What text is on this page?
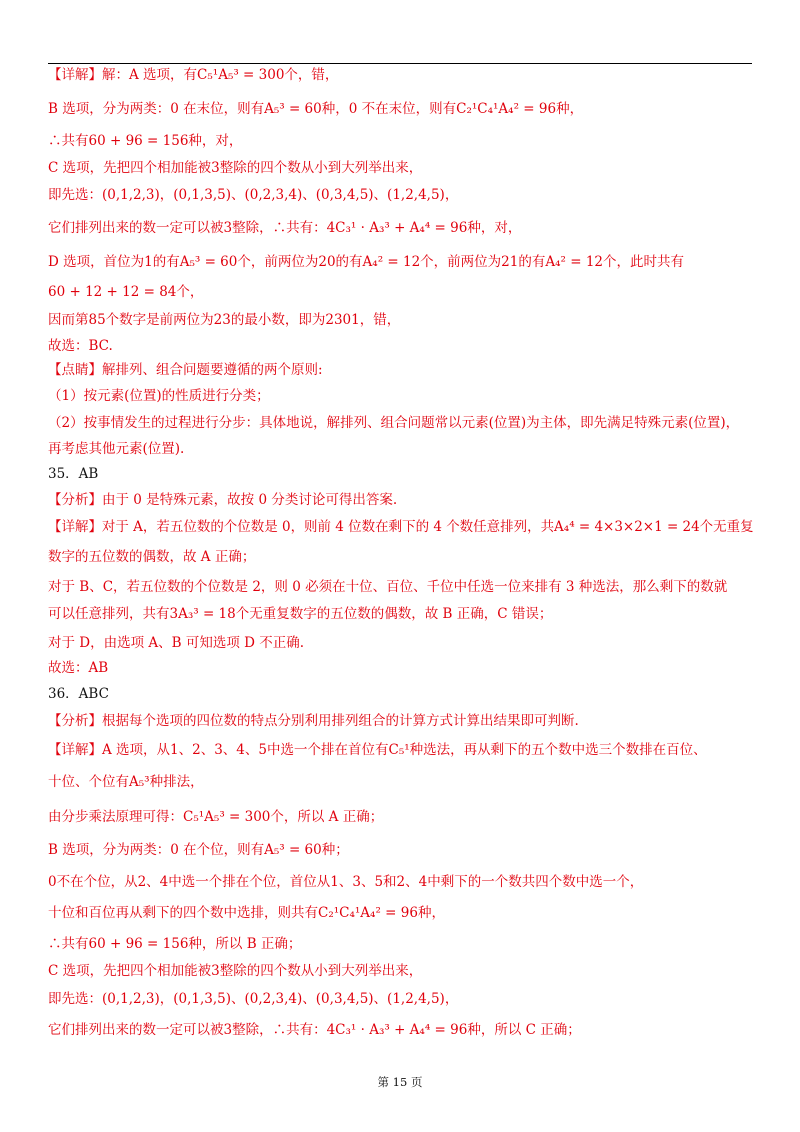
【详解】解：A 选项，有C₅¹A₅³ = 300个，错，
B 选项，分为两类：0 在末位，则有A₅³ = 60种，0 不在末位，则有C₂¹C₄¹A₄² = 96种，
∴共有60 + 96 = 156种，对，
C 选项，先把四个相加能被3整除的四个数从小到大列举出来，
即先选：(0,1,2,3)，(0,1,3,5)、(0,2,3,4)、(0,3,4,5)、(1,2,4,5)，
它们排列出来的数一定可以被3整除，∴共有：4C₃¹ · A₃³ + A₄⁴ = 96种，对，
D 选项，首位为1的有A₅³ = 60个，前两位为20的有A₄² = 12个，前两位为21的有A₄² = 12个，此时共有
60 + 12 + 12 = 84个，
因而第85个数字是前两位为23的最小数，即为2301，错，
故选：BC.
【点睛】解排列、组合问题要遵循的两个原则:
（1）按元素(位置)的性质进行分类；
（2）按事情发生的过程进行分步：具体地说，解排列、组合问题常以元素(位置)为主体，即先满足特殊元素(位置)，
再考虑其他元素(位置).
35．AB
【分析】由于 0 是特殊元素，故按 0 分类讨论可得出答案.
【详解】对于 A，若五位数的个位数是 0，则前 4 位数在剩下的 4 个数任意排列，共A₄⁴ = 4×3×2×1 = 24个无重复
数字的五位数的偶数，故 A 正确；
对于 B、C，若五位数的个位数是 2，则 0 必须在十位、百位、千位中任选一位来排有 3 种选法，那么剩下的数就
可以任意排列，共有3A₃³ = 18个无重复数字的五位数的偶数，故 B 正确，C 错误；
对于 D，由选项 A、B 可知选项 D 不正确.
故选：AB
36．ABC
【分析】根据每个选项的四位数的特点分别利用排列组合的计算方式计算出结果即可判断.
【详解】A 选项，从1、2、3、4、5中选一个排在首位有C₅¹种选法，再从剩下的五个数中选三个数排在百位、
十位、个位有A₅³种排法，
由分步乘法原理可得：C₅¹A₅³ = 300个，所以 A 正确；
B 选项，分为两类：0 在个位，则有A₅³ = 60种；
0不在个位，从2、4中选一个排在个位，首位从1、3、5和2、4中剩下的一个数共四个数中选一个，
十位和百位再从剩下的四个数中选排，则共有C₂¹C₄¹A₄² = 96种，
∴共有60 + 96 = 156种，所以 B 正确；
C 选项，先把四个相加能被3整除的四个数从小到大列举出来，
即先选：(0,1,2,3)，(0,1,3,5)、(0,2,3,4)、(0,3,4,5)、(1,2,4,5)，
它们排列出来的数一定可以被3整除，∴共有：4C₃¹ · A₃³ + A₄⁴ = 96种，所以 C 正确；
第 15 页
